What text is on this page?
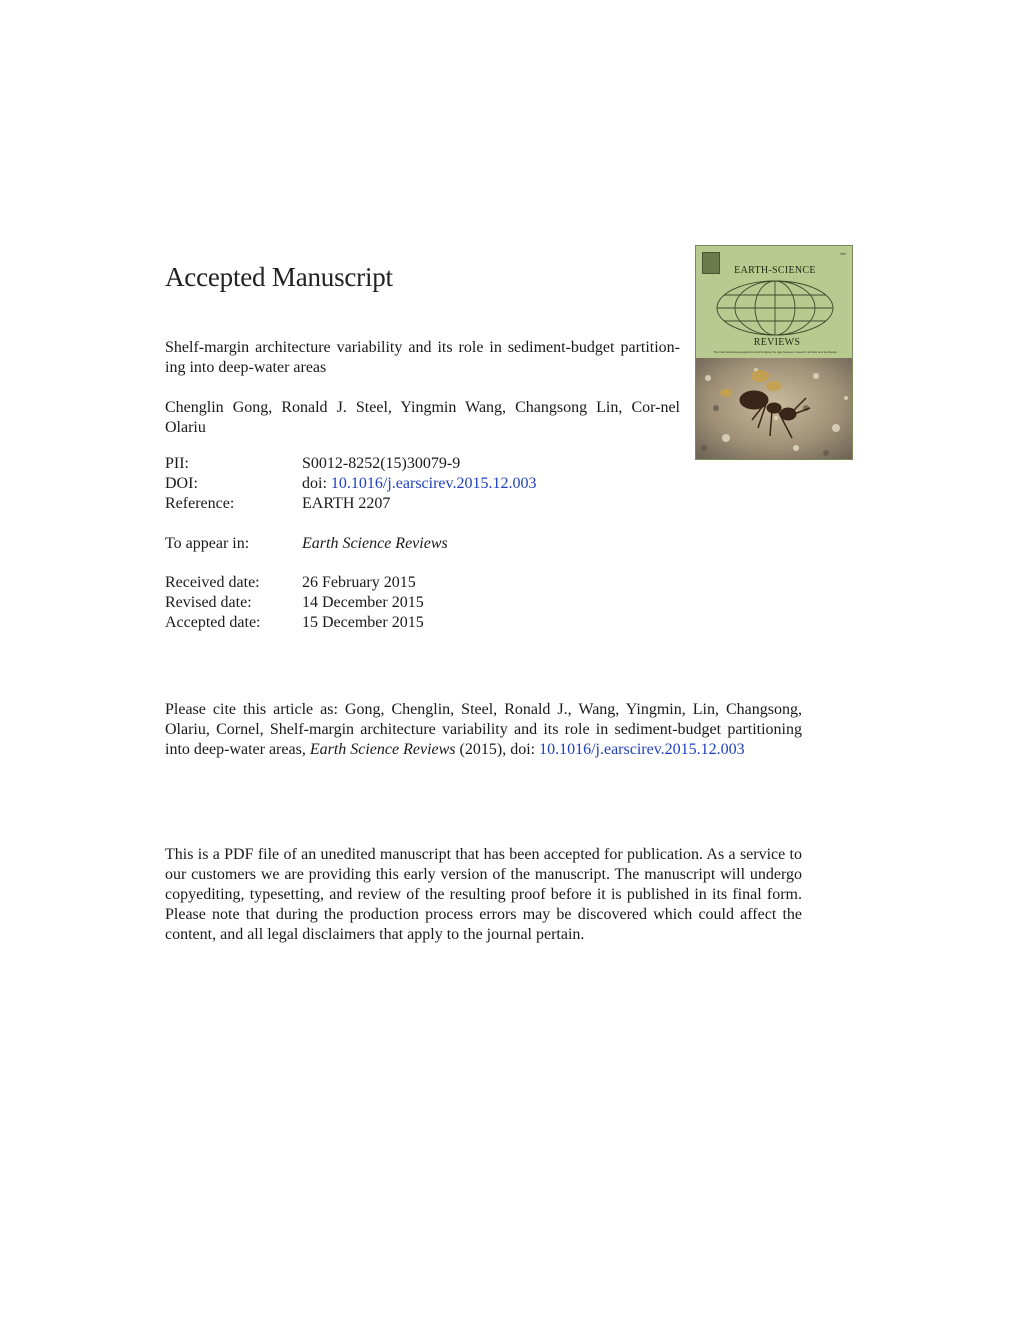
Accepted Manuscript
Shelf-margin architecture variability and its role in sediment-budget partition-ing into deep-water areas
Chenglin Gong, Ronald J. Steel, Yingmin Wang, Changsong Lin, Cor-nel Olariu
PII:	S0012-8252(15)30079-9
DOI:	doi: 10.1016/j.earscirev.2015.12.003
Reference:	EARTH 2207
To appear in:	Earth Science Reviews
Received date:	26 February 2015
Revised date:	14 December 2015
Accepted date:	15 December 2015
Please cite this article as: Gong, Chenglin, Steel, Ronald J., Wang, Yingmin, Lin, Changsong, Olariu, Cornel, Shelf-margin architecture variability and its role in sediment-budget partitioning into deep-water areas, Earth Science Reviews (2015), doi: 10.1016/j.earscirev.2015.12.003
This is a PDF file of an unedited manuscript that has been accepted for publication. As a service to our customers we are providing this early version of the manuscript. The manuscript will undergo copyediting, typesetting, and review of the resulting proof before it is published in its final form. Please note that during the production process errors may be discovered which could affect the content, and all legal disclaimers that apply to the journal pertain.
▪▪▪▪
EARTH-SCIENCE
REVIEWS
The international geological journal bridging the gap between research articles and textbooks
